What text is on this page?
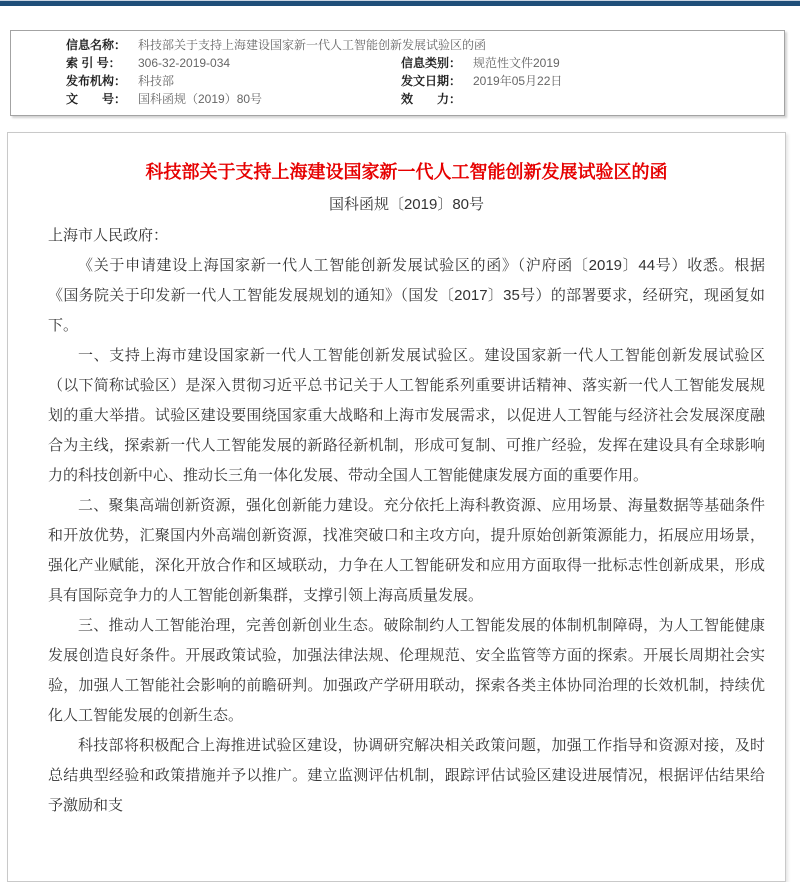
信息名称： 科技部关于支持上海建设国家新一代人工智能创新发展试验区的函
索 引 号：	306-32-2019-034	信息类别： 规范性文件2019
发布机构： 科技部	发文日期： 2019年05月22日
文　　号： 国科函规（2019）80号	效　　力：
科技部关于支持上海建设国家新一代人工智能创新发展试验区的函
国科函规〔2019〕80号

上海市人民政府：

《关于申请建设上海国家新一代人工智能创新发展试验区的函》（沪府函〔2019〕44号）收悉。根据《国务院关于印发新一代人工智能发展规划的通知》（国发〔2017〕35号）的部署要求，经研究，现函复如下。

一、支持上海市建设国家新一代人工智能创新发展试验区。建设国家新一代人工智能创新发展试验区（以下简称试验区）是深入贯彻习近平总书记关于人工智能系列重要讲话精神、落实新一代人工智能发展规划的重大举措。试验区建设要围绕国家重大战略和上海市发展需求，以促进人工智能与经济社会发展深度融合为主线，探索新一代人工智能发展的新路径新机制，形成可复制、可推广经验，发挥在建设具有全球影响力的科技创新中心、推动长三角一体化发展、带动全国人工智能健康发展方面的重要作用。

二、聚集高端创新资源，强化创新能力建设。充分依托上海科教资源、应用场景、海量数据等基础条件和开放优势，汇聚国内外高端创新资源，找准突破口和主攻方向，提升原始创新策源能力，拓展应用场景，强化产业赋能，深化开放合作和区域联动，力争在人工智能研发和应用方面取得一批标志性创新成果，形成具有国际竞争力的人工智能创新集群，支撑引领上海高质量发展。

三、推动人工智能治理，完善创新创业生态。破除制约人工智能发展的体制机制障碍，为人工智能健康发展创造良好条件。开展政策试验，加强法律法规、伦理规范、安全监管等方面的探索。开展长周期社会实验，加强人工智能社会影响的前瞻研判。加强政产学研用联动，探索各类主体协同治理的长效机制，持续优化人工智能发展的创新生态。

科技部将积极配合上海推进试验区建设，协调研究解决相关政策问题，加强工作指导和资源对接，及时总结典型经验和政策措施并予以推广。建立监测评估机制，跟踪评估试验区建设进展情况，根据评估结果给予激励和支
